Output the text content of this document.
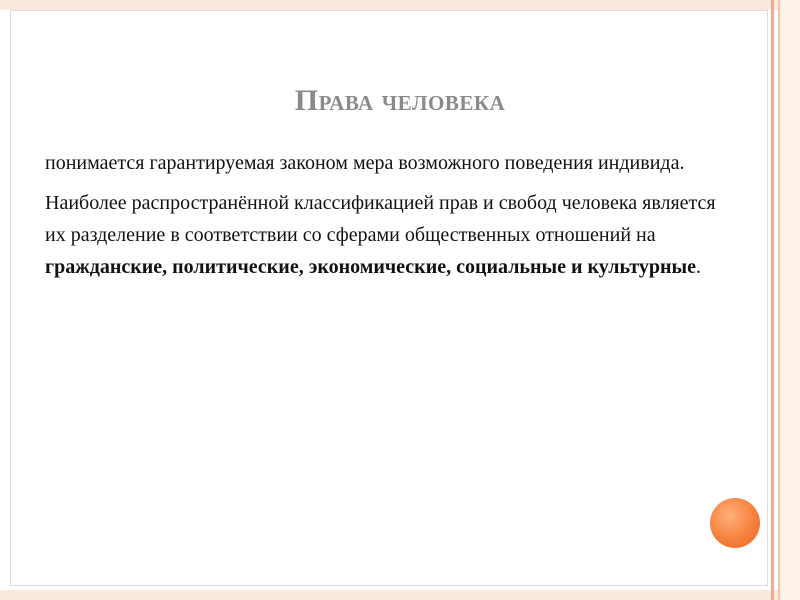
Права человека

понимается гарантируемая законом мера возможного поведения индивида.

Наиболее распространённой классификацией прав и свобод человека является их разделение в соответствии со сферами общественных отношений на гражданские, политические, экономические, социальные и культурные.
